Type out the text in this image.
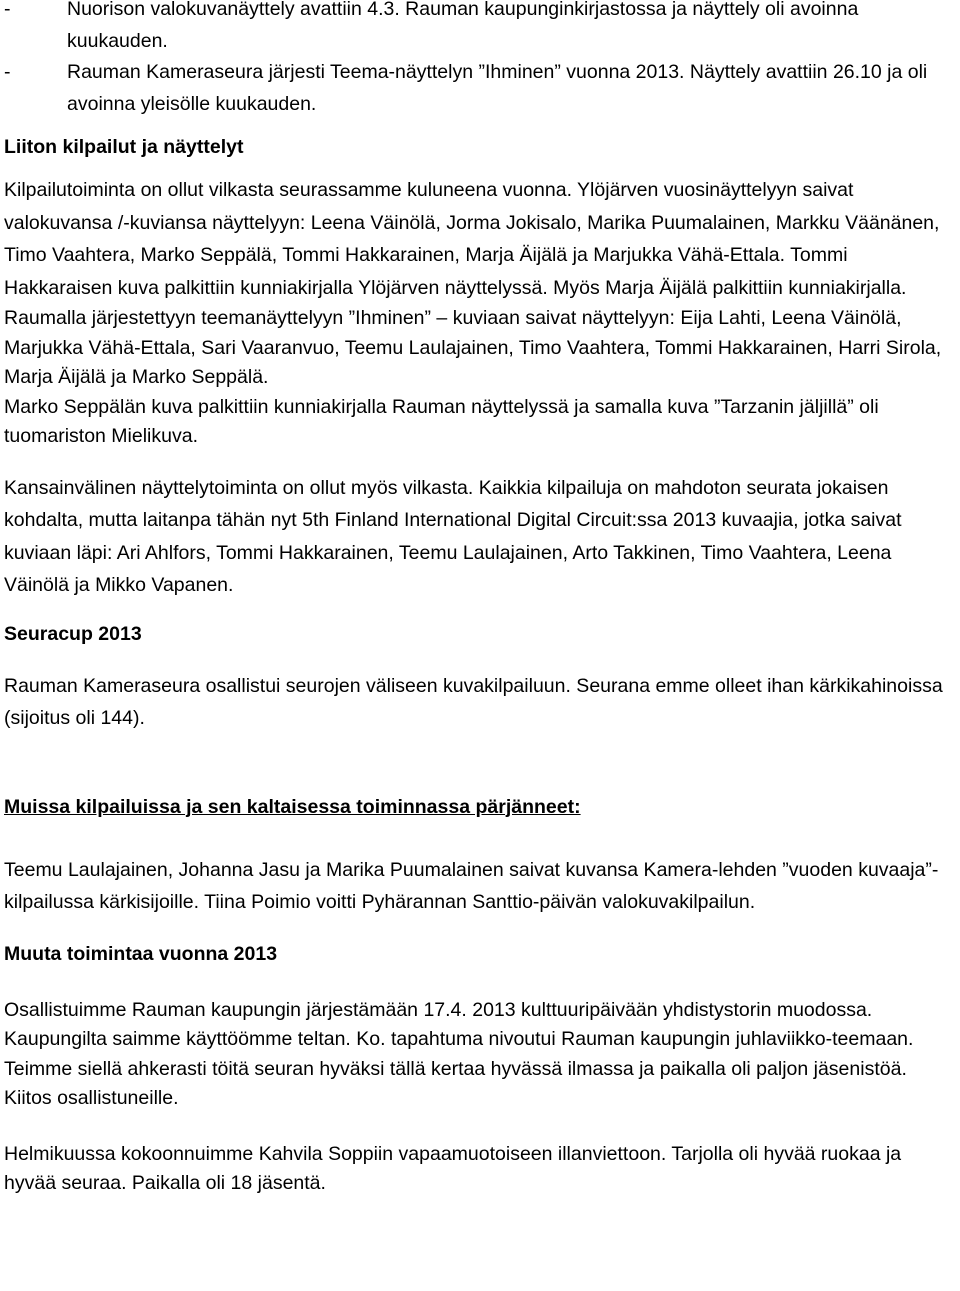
-	Nuorison valokuvanäyttely avattiin 4.3. Rauman kaupunginkirjastossa ja näyttely oli avoinna kuukauden.
-	Rauman Kameraseura järjesti Teema-näyttelyn ”Ihminen” vuonna 2013. Näyttely avattiin 26.10 ja oli avoinna yleisölle kuukauden.
Liiton kilpailut ja näyttelyt

Kilpailutoiminta on ollut vilkasta seurassamme kuluneena vuonna. Ylöjärven vuosinäyttelyyn saivat valokuvansa /-kuviansa näyttelyyn: Leena Väinölä, Jorma Jokisalo, Marika Puumalainen, Markku Väänänen, Timo Vaahtera, Marko Seppälä, Tommi Hakkarainen, Marja Äijälä ja Marjukka Vähä-Ettala. Tommi Hakkaraisen kuva palkittiin kunniakirjalla Ylöjärven näyttelyssä. Myös Marja Äijälä palkittiin kunniakirjalla.

Raumalla järjestettyyn teemanäyttelyyn ”Ihminen” – kuviaan saivat näyttelyyn: Eija Lahti, Leena Väinölä, Marjukka Vähä-Ettala, Sari Vaaranvuo, Teemu Laulajainen, Timo Vaahtera, Tommi Hakkarainen, Harri Sirola, Marja Äijälä ja Marko Seppälä.

Marko Seppälän kuva palkittiin kunniakirjalla Rauman näyttelyssä ja samalla kuva ”Tarzanin jäljillä” oli tuomariston Mielikuva.

Kansainvälinen näyttelytoiminta on ollut myös vilkasta. Kaikkia kilpailuja on mahdoton seurata jokaisen kohdalta, mutta laitanpa tähän nyt 5th Finland International Digital Circuit:ssa 2013 kuvaajia, jotka saivat kuviaan läpi: Ari Ahlfors, Tommi Hakkarainen, Teemu Laulajainen, Arto Takkinen, Timo Vaahtera, Leena Väinölä ja Mikko Vapanen.

Seuracup 2013

Rauman Kameraseura osallistui seurojen väliseen kuvakilpailuun. Seurana emme olleet ihan kärkikahinoissa (sijoitus oli 144).

Muissa kilpailuissa ja sen kaltaisessa toiminnassa pärjänneet:

Teemu Laulajainen, Johanna Jasu ja Marika Puumalainen saivat kuvansa Kamera-lehden ”vuoden kuvaaja”- kilpailussa kärkisijoille. Tiina Poimio voitti Pyhärannan Santtio-päivän valokuvakilpailun.

Muuta toimintaa vuonna 2013

Osallistuimme Rauman kaupungin järjestämään 17.4. 2013 kulttuuripäivään yhdistystorin muodossa. Kaupungilta saimme käyttöömme teltan. Ko. tapahtuma nivoutui Rauman kaupungin juhlaviikko-teemaan. Teimme siellä ahkerasti töitä seuran hyväksi tällä kertaa hyvässä ilmassa ja paikalla oli paljon jäsenistöä. Kiitos osallistuneille.

Helmikuussa kokoonnuimme Kahvila Soppiin vapaamuotoiseen illanviettoon. Tarjolla oli hyvää ruokaa ja hyvää seuraa. Paikalla oli 18 jäsentä.
